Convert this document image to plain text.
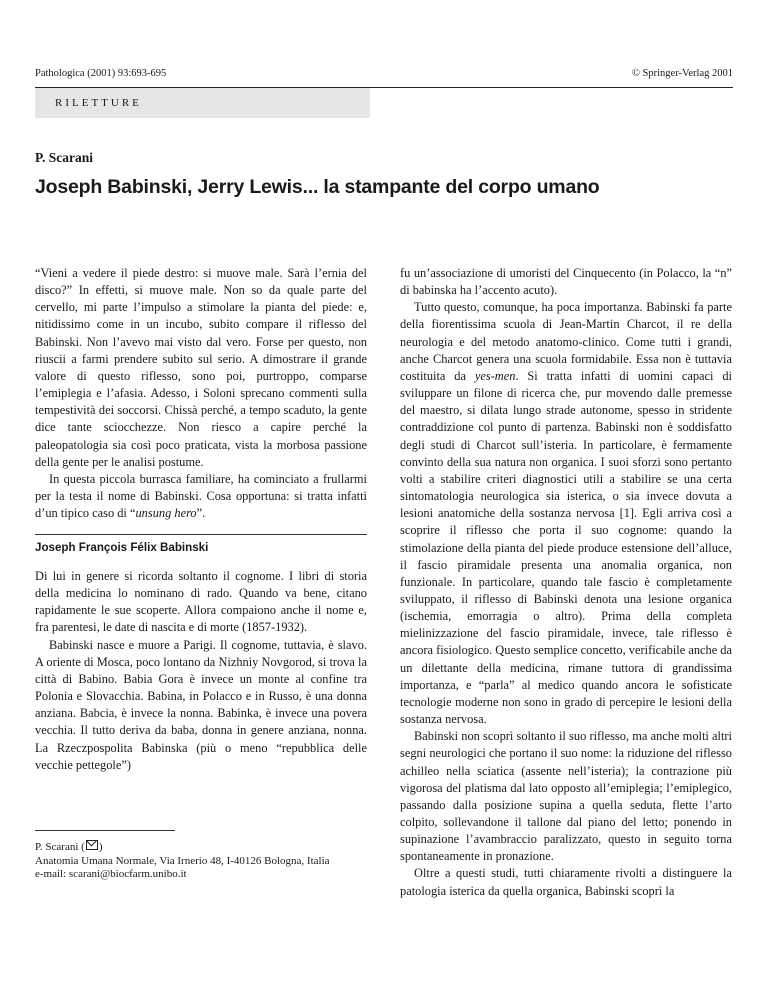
Pathologica (2001) 93:693-695	© Springer-Verlag 2001
RILETTURE
P. Scarani
Joseph Babinski, Jerry Lewis... la stampante del corpo umano

“Vieni a vedere il piede destro: si muove male. Sarà l’ernia del disco?” In effetti, si muove male. Non so da quale parte del cervello, mi parte l’impulso a stimolare la pianta del piede: e, nitidissimo come in un incubo, subito compare il riflesso del Babinski. Non l’avevo mai visto dal vero. Forse per questo, non riuscii a farmi prendere subito sul serio. A dimostrare il grande valore di questo riflesso, sono poi, purtroppo, comparse l’emiplegia e l’afasia. Adesso, i Soloni sprecano commenti sulla tempestività dei soccorsi. Chissà perché, a tempo scaduto, la gente dice tante sciocchezze. Non riesco a capire perché la paleopatologia sia così poco praticata, vista la morbosa passione della gente per le analisi postume.

In questa piccola burrasca familiare, ha cominciato a frullarmi per la testa il nome di Babinski. Cosa opportuna: si tratta infatti d’un tipico caso di “unsung hero”.

Joseph François Félix Babinski

Di lui in genere si ricorda soltanto il cognome. I libri di storia della medicina lo nominano di rado. Quando va bene, citano rapidamente le sue scoperte. Allora compaiono anche il nome e, fra parentesi, le date di nascita e di morte (1857-1932).

Babinski nasce e muore a Parigi. Il cognome, tuttavia, è slavo. A oriente di Mosca, poco lontano da Nizhniy Novgorod, si trova la città di Babino. Babia Gora è invece un monte al confine tra Polonia e Slovacchia. Babina, in Polacco e in Russo, è una donna anziana. Babcia, è invece la nonna. Babinka, è invece una povera vecchia. Il tutto deriva da baba, donna in genere anziana, nonna. La Rzeczpospolita Babinska (più o meno “repubblica delle vecchie pettegole”)

P. Scarani ( )
Anatomia Umana Normale, Via Irnerio 48, I-40126 Bologna, Italia
e-mail: scarani@biocfarm.unibo.it

fu un’associazione di umoristi del Cinquecento (in Polacco, la “n” di babinska ha l’accento acuto).

Tutto questo, comunque, ha poca importanza. Babinski fa parte della fiorentissima scuola di Jean-Martin Charcot, il re della neurologia e del metodo anatomo-clinico. Come tutti i grandi, anche Charcot genera una scuola formidabile. Essa non è tuttavia costituita da yes-men. Si tratta infatti di uomini capaci di sviluppare un filone di ricerca che, pur movendo dalle premesse del maestro, si dilata lungo strade autonome, spesso in stridente contraddizione col punto di partenza. Babinski non è soddisfatto degli studi di Charcot sull’isteria. In particolare, è fermamente convinto della sua natura non organica. I suoi sforzi sono pertanto volti a stabilire criteri diagnostici utili a stabilire se una certa sintomatologia neurologica sia isterica, o sia invece dovuta a lesioni anatomiche della sostanza nervosa [1]. Egli arriva così a scoprire il riflesso che porta il suo cognome: quando la stimolazione della pianta del piede produce estensione dell’alluce, il fascio piramidale presenta una anomalia organica, non funzionale. In particolare, quando tale fascio è completamente sviluppato, il riflesso di Babinski denota una lesione organica (ischemia, emorragia o altro). Prima della completa mielinizzazione del fascio piramidale, invece, tale riflesso è ancora fisiologico. Questo semplice concetto, verificabile anche da un dilettante della medicina, rimane tuttora di grandissima importanza, e “parla” al medico quando ancora le sofisticate tecnologie moderne non sono in grado di percepire le lesioni della sostanza nervosa.

Babinski non scoprì soltanto il suo riflesso, ma anche molti altri segni neurologici che portano il suo nome: la riduzione del riflesso achilleo nella sciatica (assente nell’isteria); la contrazione più vigorosa del platisma dal lato opposto all’emiplegia; l’emiplegico, passando dalla posizione supina a quella seduta, flette l’arto colpito, sollevandone il tallone dal piano del letto; ponendo in supinazione l’avambraccio paralizzato, questo in seguito torna spontaneamente in pronazione.

Oltre a questi studi, tutti chiaramente rivolti a distinguere la patologia isterica da quella organica, Babinski scoprì la
